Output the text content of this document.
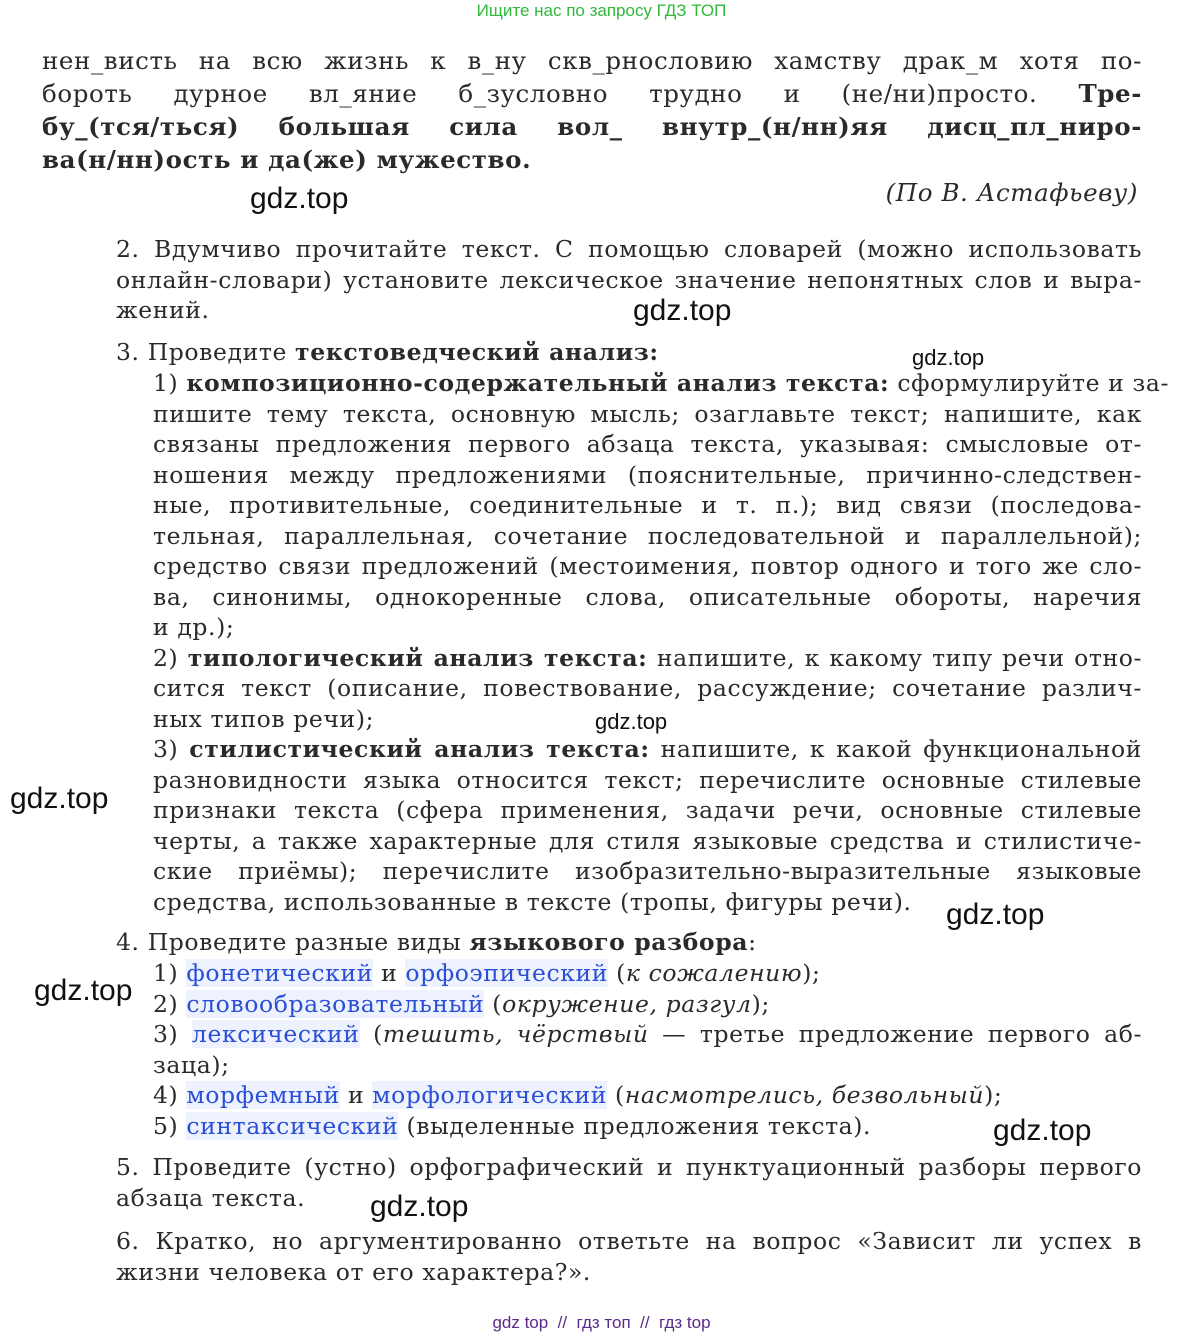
Ищите нас по запросу ГДЗ ТОП
нен_висть на всю жизнь к в_ну скв_рнословию хамству драк_м хотя по-
бороть дурное вл_яние б_зусловно трудно и (не/ни)просто. Тре-
бу_(тся/ться) большая сила вол_ внутр_(н/нн)яя дисц_пл_ниро-
ва(н/нн)ость и да(же) мужество.
(По В. Астафьеву)
2. Вдумчиво прочитайте текст. С помощью словарей (можно использовать
онлайн-словари) установите лексическое значение непонятных слов и выра-
жений.
3. Проведите текстоведческий анализ:
1) композиционно-содержательный анализ текста: сформулируйте и за-
пишите тему текста, основную мысль; озаглавьте текст; напишите, как
связаны предложения первого абзаца текста, указывая: смысловые от-
ношения между предложениями (пояснительные, причинно-следствен-
ные, противительные, соединительные и т. п.); вид связи (последова-
тельная, параллельная, сочетание последовательной и параллельной);
средство связи предложений (местоимения, повтор одного и того же сло-
ва, синонимы, однокоренные слова, описательные обороты, наречия
и др.);
2) типологический анализ текста: напишите, к какому типу речи отно-
сится текст (описание, повествование, рассуждение; сочетание различ-
ных типов речи);
3) стилистический анализ текста: напишите, к какой функциональной
разновидности языка относится текст; перечислите основные стилевые
признаки текста (сфера применения, задачи речи, основные стилевые
черты, а также характерные для стиля языковые средства и стилистиче-
ские приёмы); перечислите изобразительно-выразительные языковые
средства, использованные в тексте (тропы, фигуры речи).
4. Проведите разные виды языкового разбора:
1) фонетический и орфоэпический (к сожалению);
2) словообразовательный (окружение, разгул);
3) лексический (тешить, чёрствый — третье предложение первого аб-
заца);
4) морфемный и морфологический (насмотрелись, безвольный);
5) синтаксический (выделенные предложения текста).
5. Проведите (устно) орфографический и пунктуационный разборы первого
абзаца текста.
6. Кратко, но аргументированно ответьте на вопрос «Зависит ли успех в
жизни человека от его характера?».
gdz.top
gdz.top
gdz.top
gdz.top
gdz.top
gdz.top
gdz.top
gdz.top
gdz.top
gdz top  //  гдз топ  //  гдз top
